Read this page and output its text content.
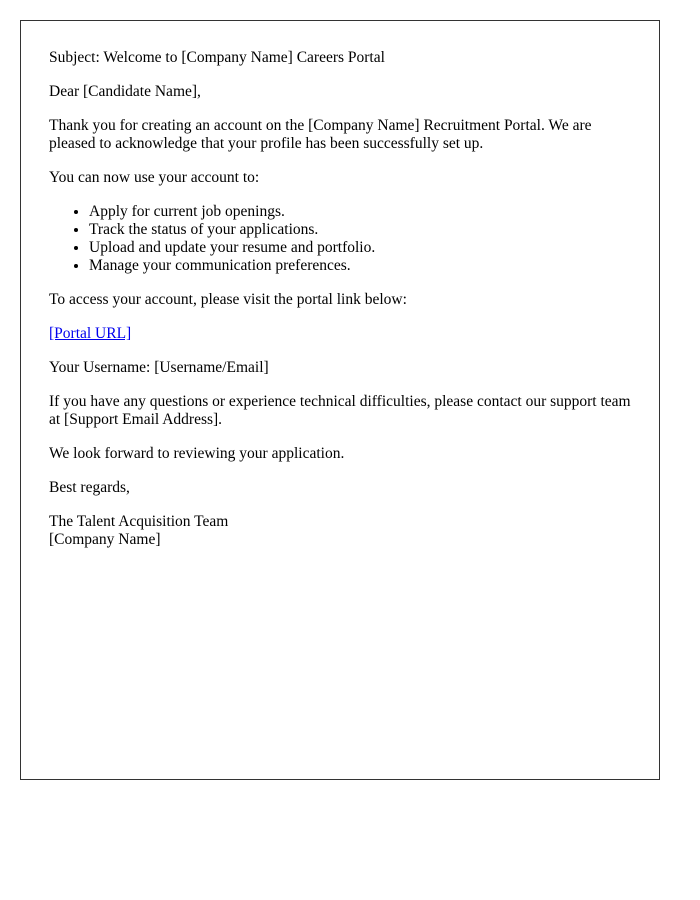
Subject: Welcome to [Company Name] Careers Portal

Dear [Candidate Name],

Thank you for creating an account on the [Company Name] Recruitment Portal. We are pleased to acknowledge that your profile has been successfully set up.

You can now use your account to:

• Apply for current job openings.
• Track the status of your applications.
• Upload and update your resume and portfolio.
• Manage your communication preferences.

To access your account, please visit the portal link below:

[Portal URL]

Your Username: [Username/Email]

If you have any questions or experience technical difficulties, please contact our support team at [Support Email Address].

We look forward to reviewing your application.

Best regards,

The Talent Acquisition Team
[Company Name]
